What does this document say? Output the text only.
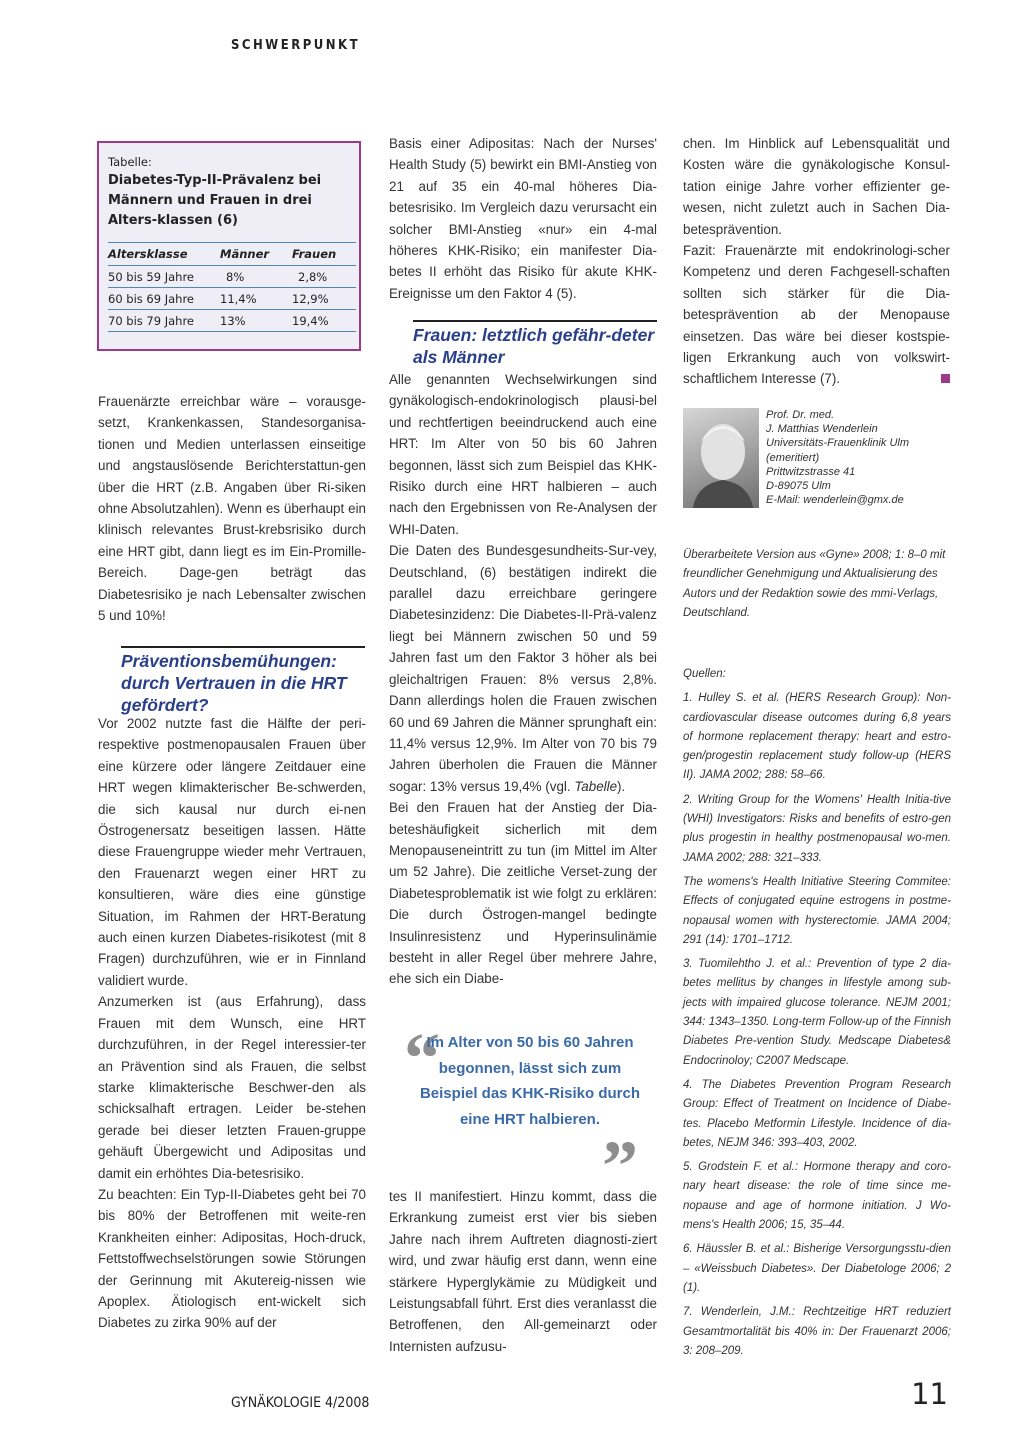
SCHWERPUNKT
Tabelle:
Diabetes-Typ-II-Prävalenz bei Männern und Frauen in drei Alters-klassen (6)
Altersklasse	Männer	Frauen
50 bis 59 Jahre	8%	2,8%
60 bis 69 Jahre	11,4%	12,9%
70 bis 79 Jahre	13%	19,4%

Frauenärzte erreichbar wäre – vorausge-setzt, Krankenkassen, Standesorganisa-tionen und Medien unterlassen einseitige und angstauslösende Berichterstattun-gen über die HRT (z.B. Angaben über Ri-siken ohne Absolutzahlen). Wenn es überhaupt ein klinisch relevantes Brust-krebsrisiko durch eine HRT gibt, dann liegt es im Ein-Promille-Bereich. Dage-gen beträgt das Diabetesrisiko je nach Lebensalter zwischen 5 und 10%!

Präventionsbemühungen: durch Vertrauen in die HRT gefördert?

Vor 2002 nutzte fast die Hälfte der peri-respektive postmenopausalen Frauen über eine kürzere oder längere Zeitdauer eine HRT wegen klimakterischer Be-schwerden, die sich kausal nur durch ei-nen Östrogenersatz beseitigen lassen. Hätte diese Frauengruppe wieder mehr Vertrauen, den Frauenarzt wegen einer HRT zu konsultieren, wäre dies eine günstige Situation, im Rahmen der HRT-Beratung auch einen kurzen Diabetes-risikotest (mit 8 Fragen) durchzuführen, wie er in Finnland validiert wurde.

Anzumerken ist (aus Erfahrung), dass Frauen mit dem Wunsch, eine HRT durchzuführen, in der Regel interessier-ter an Prävention sind als Frauen, die selbst starke klimakterische Beschwer-den als schicksalhaft ertragen. Leider be-stehen gerade bei dieser letzten Frauen-gruppe gehäuft Übergewicht und Adipositas und damit ein erhöhtes Dia-betesrisiko.

Zu beachten: Ein Typ-II-Diabetes geht bei 70 bis 80% der Betroffenen mit weite-ren Krankheiten einher: Adipositas, Hoch-druck, Fettstoffwechselstörungen sowie Störungen der Gerinnung mit Akutereig-nissen wie Apoplex. Ätiologisch ent-wickelt sich Diabetes zu zirka 90% auf der

Basis einer Adipositas: Nach der Nurses' Health Study (5) bewirkt ein BMI-Anstieg von 21 auf 35 ein 40-mal höheres Dia-betesrisiko. Im Vergleich dazu verursacht ein solcher BMI-Anstieg «nur» ein 4-mal höheres KHK-Risiko; ein manifester Dia-betes II erhöht das Risiko für akute KHK-Ereignisse um den Faktor 4 (5).

Frauen: letztlich gefähr-deter als Männer

Alle genannten Wechselwirkungen sind gynäkologisch-endokrinologisch plausi-bel und rechtfertigen beeindruckend auch eine HRT: Im Alter von 50 bis 60 Jahren begonnen, lässt sich zum Beispiel das KHK-Risiko durch eine HRT halbieren – auch nach den Ergebnissen von Re-Analysen der WHI-Daten.

Die Daten des Bundesgesundheits-Sur-vey, Deutschland, (6) bestätigen indirekt die parallel dazu erreichbare geringere Diabetesinzidenz: Die Diabetes-II-Prä-valenz liegt bei Männern zwischen 50 und 59 Jahren fast um den Faktor 3 höher als bei gleichaltrigen Frauen: 8% versus 2,8%. Dann allerdings holen die Frauen zwischen 60 und 69 Jahren die Männer sprunghaft ein: 11,4% versus 12,9%. Im Alter von 70 bis 79 Jahren überholen die Frauen die Männer sogar: 13% versus 19,4% (vgl. Tabelle).

Bei den Frauen hat der Anstieg der Dia-beteshäufigkeit sicherlich mit dem Menopauseneintritt zu tun (im Mittel im Alter um 52 Jahre). Die zeitliche Verset-zung der Diabetesproblematik ist wie folgt zu erklären: Die durch Östrogen-mangel bedingte Insulinresistenz und Hyperinsulinämie besteht in aller Regel über mehrere Jahre, ehe sich ein Diabe-

“
Im Alter von 50 bis 60 Jahren begonnen, lässt sich zum Beispiel das KHK-Risiko durch eine HRT halbieren.
”

tes II manifestiert. Hinzu kommt, dass die Erkrankung zumeist erst vier bis sieben Jahre nach ihrem Auftreten diagnosti-ziert wird, und zwar häufig erst dann, wenn eine stärkere Hyperglykämie zu Müdigkeit und Leistungsabfall führt. Erst dies veranlasst die Betroffenen, den All-gemeinarzt oder Internisten aufzusu-

chen. Im Hinblick auf Lebensqualität und Kosten wäre die gynäkologische Konsul-tation einige Jahre vorher effizienter ge-wesen, nicht zuletzt auch in Sachen Dia-betesprävention.

Fazit: Frauenärzte mit endokrinologi-scher Kompetenz und deren Fachgesell-schaften sollten sich stärker für die Dia-betesprävention ab der Menopause einsetzen. Das wäre bei dieser kostspie-ligen Erkrankung auch von volkswirt-schaftlichem Interesse (7).

Prof. Dr. med.
J. Matthias Wenderlein
Universitäts-Frauenklinik Ulm
(emeritiert)
Prittwitzstrasse 41
D-89075 Ulm
E-Mail: wenderlein@gmx.de
Überarbeitete Version aus «Gyne» 2008; 1: 8–0 mit freundlicher Genehmigung und Aktualisierung des Autors und der Redaktion sowie des mmi-Verlags, Deutschland.

Quellen:

1. Hulley S. et al. (HERS Research Group): Non-cardiovascular disease outcomes during 6,8 years of hormone replacement therapy: heart and estro-gen/progestin replacement study follow-up (HERS II). JAMA 2002; 288: 58–66.

2. Writing Group for the Womens' Health Initia-tive (WHI) Investigators: Risks and benefits of estro-gen plus progestin in healthy postmenopausal wo-men. JAMA 2002; 288: 321–333.

The womens's Health Initiative Steering Commitee: Effects of conjugated equine estrogens in postme-nopausal women with hysterectomie. JAMA 2004; 291 (14): 1701–1712.

3. Tuomilehtho J. et al.: Prevention of type 2 dia-betes mellitus by changes in lifestyle among sub-jects with impaired glucose tolerance. NEJM 2001; 344: 1343–1350. Long-term Follow-up of the Finnish Diabetes Pre-vention Study. Medscape Diabetes& Endocrinoloy; C2007 Medscape.

4. The Diabetes Prevention Program Research Group: Effect of Treatment on Incidence of Diabe-tes. Placebo Metformin Lifestyle. Incidence of dia-betes, NEJM 346: 393–403, 2002.

5. Grodstein F. et al.: Hormone therapy and coro-nary heart disease: the role of time since me-nopause and age of hormone initiation. J Wo-mens's Health 2006; 15, 35–44.

6. Häussler B. et al.: Bisherige Versorgungsstu-dien – «Weissbuch Diabetes». Der Diabetologe 2006; 2 (1).

7. Wenderlein, J.M.: Rechtzeitige HRT reduziert Gesamtmortalität bis 40% in: Der Frauenarzt 2006; 3: 208–209.

GYNÄKOLOGIE 4/2008	11
